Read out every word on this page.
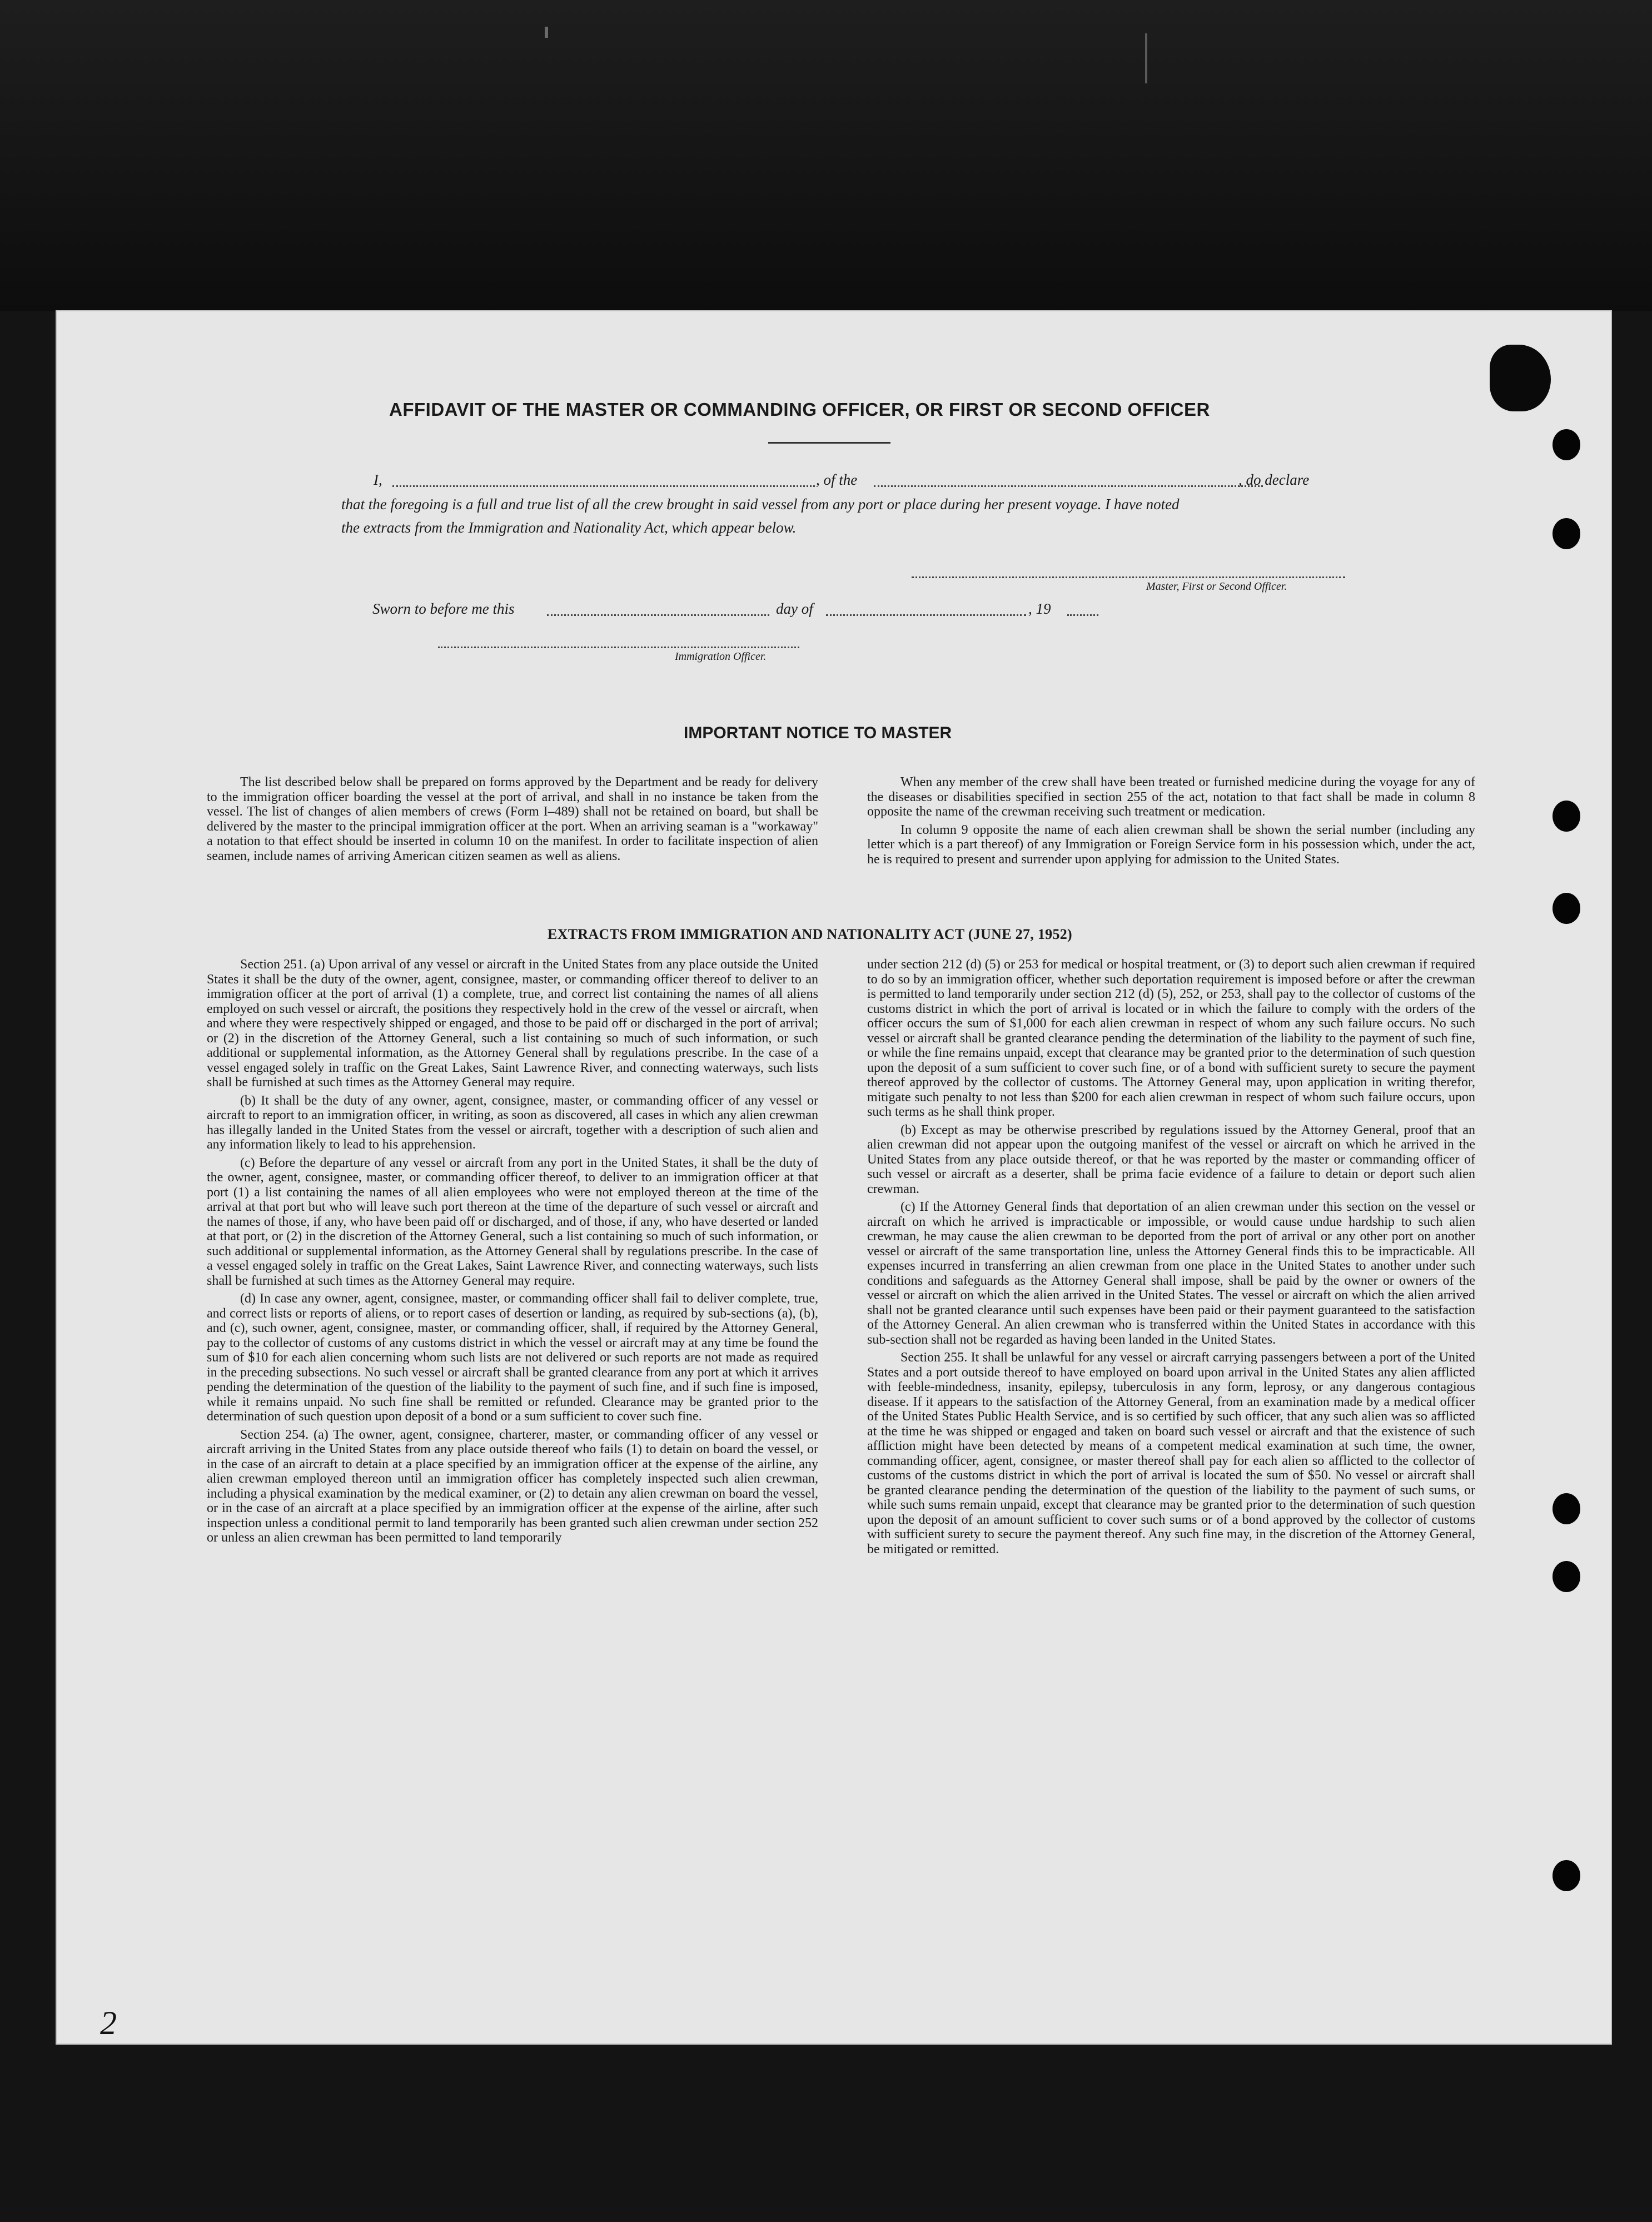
AFFIDAVIT OF THE MASTER OR COMMANDING OFFICER, OR FIRST OR SECOND OFFICER
I,	, of the	, do declare
that the foregoing is a full and true list of all the crew brought in said vessel from any port or place during her present voyage. I have noted
the extracts from the Immigration and Nationality Act, which appear below.
Master, First or Second Officer.
Sworn to before me this	day of	, 19
Immigration Officer.
IMPORTANT NOTICE TO MASTER

The list described below shall be prepared on forms approved by the Department and be ready for delivery to the immigration officer boarding the vessel at the port of arrival, and shall in no instance be taken from the vessel. The list of changes of alien members of crews (Form I–489) shall not be retained on board, but shall be delivered by the master to the principal immigration officer at the port. When an arriving seaman is a "workaway" a notation to that effect should be inserted in column 10 on the manifest. In order to facilitate inspection of alien seamen, include names of arriving American citizen seamen as well as aliens.

When any member of the crew shall have been treated or furnished medicine during the voyage for any of the diseases or disabilities specified in section 255 of the act, notation to that fact shall be made in column 8 opposite the name of the crewman receiving such treatment or medication.

In column 9 opposite the name of each alien crewman shall be shown the serial number (including any letter which is a part thereof) of any Immigration or Foreign Service form in his possession which, under the act, he is required to present and surrender upon applying for admission to the United States.

EXTRACTS FROM IMMIGRATION AND NATIONALITY ACT (JUNE 27, 1952)

Section 251. (a) Upon arrival of any vessel or aircraft in the United States from any place outside the United States it shall be the duty of the owner, agent, consignee, master, or commanding officer thereof to deliver to an immigration officer at the port of arrival (1) a complete, true, and correct list containing the names of all aliens employed on such vessel or aircraft, the positions they respectively hold in the crew of the vessel or aircraft, when and where they were respectively shipped or engaged, and those to be paid off or discharged in the port of arrival; or (2) in the discretion of the Attorney General, such a list containing so much of such information, or such additional or supplemental information, as the Attorney General shall by regulations prescribe. In the case of a vessel engaged solely in traffic on the Great Lakes, Saint Lawrence River, and connecting waterways, such lists shall be furnished at such times as the Attorney General may require.

(b) It shall be the duty of any owner, agent, consignee, master, or commanding officer of any vessel or aircraft to report to an immigration officer, in writing, as soon as discovered, all cases in which any alien crewman has illegally landed in the United States from the vessel or aircraft, together with a description of such alien and any information likely to lead to his apprehension.

(c) Before the departure of any vessel or aircraft from any port in the United States, it shall be the duty of the owner, agent, consignee, master, or commanding officer thereof, to deliver to an immigration officer at that port (1) a list containing the names of all alien employees who were not employed thereon at the time of the arrival at that port but who will leave such port thereon at the time of the departure of such vessel or aircraft and the names of those, if any, who have been paid off or discharged, and of those, if any, who have deserted or landed at that port, or (2) in the discretion of the Attorney General, such a list containing so much of such information, or such additional or supplemental information, as the Attorney General shall by regulations prescribe. In the case of a vessel engaged solely in traffic on the Great Lakes, Saint Lawrence River, and connecting waterways, such lists shall be furnished at such times as the Attorney General may require.

(d) In case any owner, agent, consignee, master, or commanding officer shall fail to deliver complete, true, and correct lists or reports of aliens, or to report cases of desertion or landing, as required by sub-sections (a), (b), and (c), such owner, agent, consignee, master, or commanding officer, shall, if required by the Attorney General, pay to the collector of customs of any customs district in which the vessel or aircraft may at any time be found the sum of $10 for each alien concerning whom such lists are not delivered or such reports are not made as required in the preceding subsections. No such vessel or aircraft shall be granted clearance from any port at which it arrives pending the determination of the question of the liability to the payment of such fine, and if such fine is imposed, while it remains unpaid. No such fine shall be remitted or refunded. Clearance may be granted prior to the determination of such question upon deposit of a bond or a sum sufficient to cover such fine.

Section 254. (a) The owner, agent, consignee, charterer, master, or commanding officer of any vessel or aircraft arriving in the United States from any place outside thereof who fails (1) to detain on board the vessel, or in the case of an aircraft to detain at a place specified by an immigration officer at the expense of the airline, any alien crewman employed thereon until an immigration officer has completely inspected such alien crewman, including a physical examination by the medical examiner, or (2) to detain any alien crewman on board the vessel, or in the case of an aircraft at a place specified by an immigration officer at the expense of the airline, after such inspection unless a conditional permit to land temporarily has been granted such alien crewman under section 252 or unless an alien crewman has been permitted to land temporarily

under section 212 (d) (5) or 253 for medical or hospital treatment, or (3) to deport such alien crewman if required to do so by an immigration officer, whether such deportation requirement is imposed before or after the crewman is permitted to land temporarily under section 212 (d) (5), 252, or 253, shall pay to the collector of customs of the customs district in which the port of arrival is located or in which the failure to comply with the orders of the officer occurs the sum of $1,000 for each alien crewman in respect of whom any such failure occurs. No such vessel or aircraft shall be granted clearance pending the determination of the liability to the payment of such fine, or while the fine remains unpaid, except that clearance may be granted prior to the determination of such question upon the deposit of a sum sufficient to cover such fine, or of a bond with sufficient surety to secure the payment thereof approved by the collector of customs. The Attorney General may, upon application in writing therefor, mitigate such penalty to not less than $200 for each alien crewman in respect of whom such failure occurs, upon such terms as he shall think proper.

(b) Except as may be otherwise prescribed by regulations issued by the Attorney General, proof that an alien crewman did not appear upon the outgoing manifest of the vessel or aircraft on which he arrived in the United States from any place outside thereof, or that he was reported by the master or commanding officer of such vessel or aircraft as a deserter, shall be prima facie evidence of a failure to detain or deport such alien crewman.

(c) If the Attorney General finds that deportation of an alien crewman under this section on the vessel or aircraft on which he arrived is impracticable or impossible, or would cause undue hardship to such alien crewman, he may cause the alien crewman to be deported from the port of arrival or any other port on another vessel or aircraft of the same transportation line, unless the Attorney General finds this to be impracticable. All expenses incurred in transferring an alien crewman from one place in the United States to another under such conditions and safeguards as the Attorney General shall impose, shall be paid by the owner or owners of the vessel or aircraft on which the alien arrived in the United States. The vessel or aircraft on which the alien arrived shall not be granted clearance until such expenses have been paid or their payment guaranteed to the satisfaction of the Attorney General. An alien crewman who is transferred within the United States in accordance with this sub-section shall not be regarded as having been landed in the United States.

Section 255. It shall be unlawful for any vessel or aircraft carrying passengers between a port of the United States and a port outside thereof to have employed on board upon arrival in the United States any alien afflicted with feeble-mindedness, insanity, epilepsy, tuberculosis in any form, leprosy, or any dangerous contagious disease. If it appears to the satisfaction of the Attorney General, from an examination made by a medical officer of the United States Public Health Service, and is so certified by such officer, that any such alien was so afflicted at the time he was shipped or engaged and taken on board such vessel or aircraft and that the existence of such affliction might have been detected by means of a competent medical examination at such time, the owner, commanding officer, agent, consignee, or master thereof shall pay for each alien so afflicted to the collector of customs of the customs district in which the port of arrival is located the sum of $50. No vessel or aircraft shall be granted clearance pending the determination of the question of the liability to the payment of such sums, or while such sums remain unpaid, except that clearance may be granted prior to the determination of such question upon the deposit of an amount sufficient to cover such sums or of a bond approved by the collector of customs with sufficient surety to secure the payment thereof. Any such fine may, in the discretion of the Attorney General, be mitigated or remitted.

2
